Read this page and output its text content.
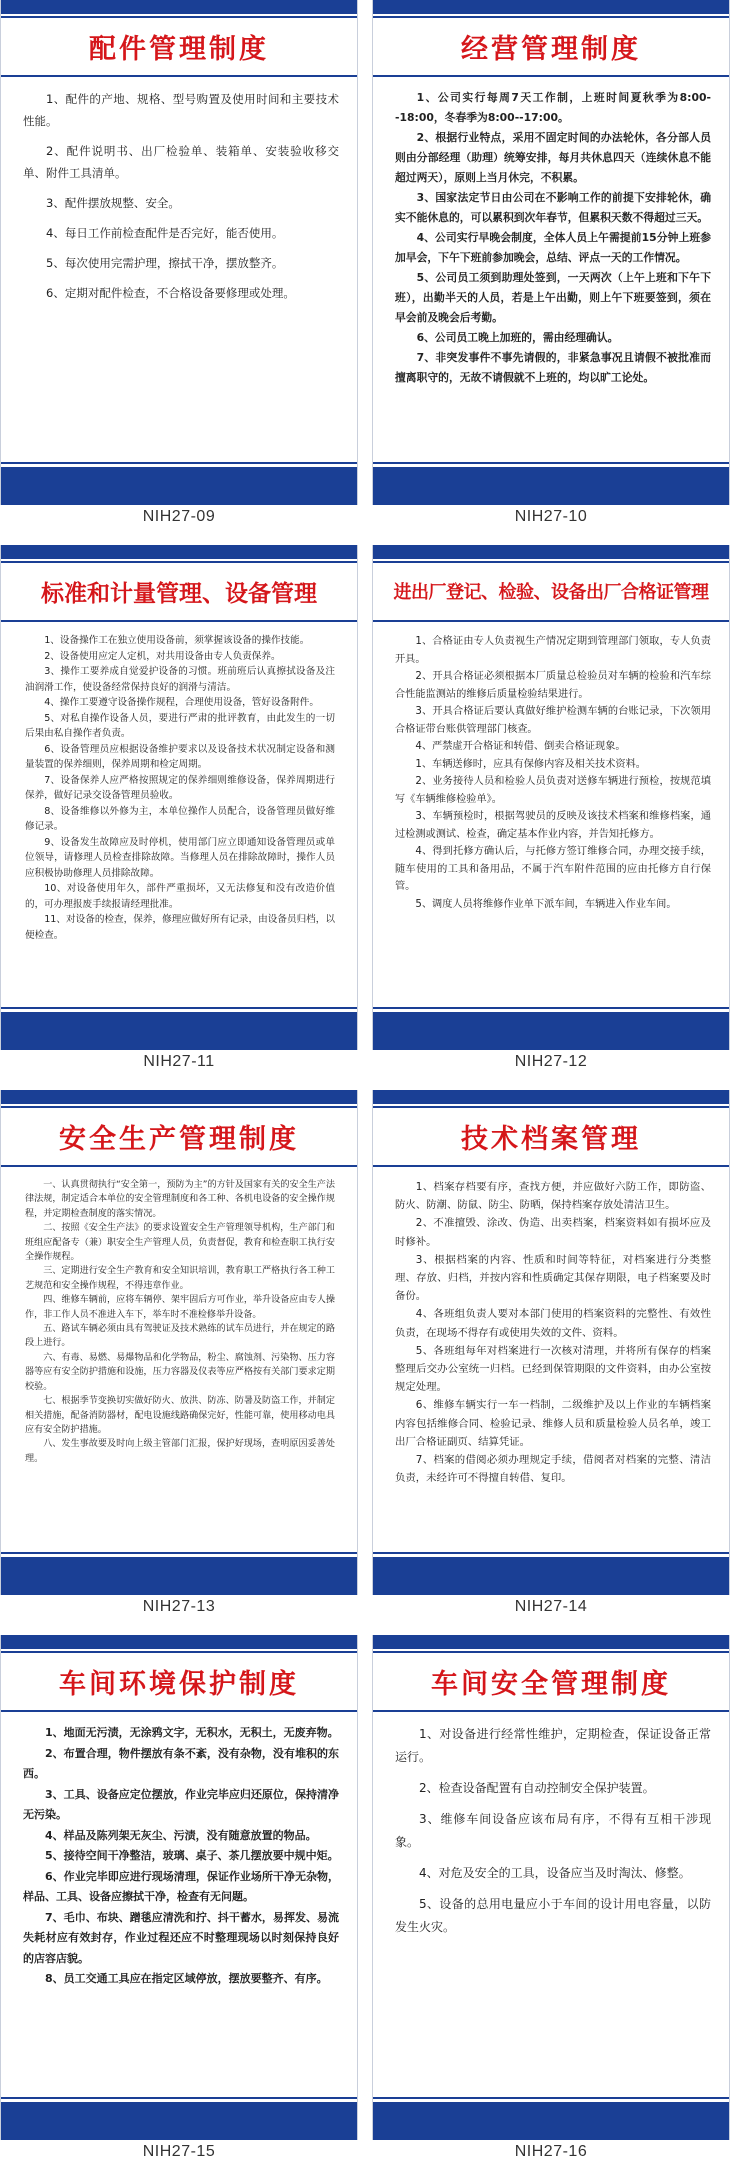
配件管理制度

1、配件的产地、规格、型号购置及使用时间和主要技术性能。

2、配件说明书、出厂检验单、装箱单、安装验收移交单、附件工具清单。

3、配件摆放规整、安全。

4、每日工作前检查配件是否完好，能否使用。

5、每次使用完需护理，擦拭干净，摆放整齐。

6、定期对配件检查，不合格设备要修理或处理。

NIH27-09
经营管理制度

1、公司实行每周7天工作制，上班时间夏秋季为8:00--18:00，冬春季为8:00--17:00。

2、根据行业特点，采用不固定时间的办法轮休，各分部人员则由分部经理（助理）统筹安排，每月共休息四天（连续休息不能超过两天），原则上当月休完，不积累。

3、国家法定节日由公司在不影响工作的前提下安排轮休，确实不能休息的，可以累积到次年春节，但累积天数不得超过三天。

4、公司实行早晚会制度，全体人员上午需提前15分钟上班参加早会，下午下班前参加晚会，总结、评点一天的工作情况。

5、公司员工须到助理处签到，一天两次（上午上班和下午下班），出勤半天的人员，若是上午出勤，则上午下班要签到，须在早会前及晚会后考勤。

6、公司员工晚上加班的，需由经理确认。

7、非突发事件不事先请假的，非紧急事况且请假不被批准而擅离职守的，无故不请假就不上班的，均以旷工论处。

NIH27-10
标准和计量管理、设备管理

1、设备操作工在独立使用设备前，须掌握该设备的操作技能。

2、设备使用应定人定机，对共用设备由专人负责保养。

3、操作工要养成自觉爱护设备的习惯。班前班后认真擦拭设备及注油润滑工作，使设备经常保持良好的润滑与清洁。

4、操作工要遵守设备操作规程，合理使用设备，管好设备附件。

5、对私自操作设备人员，要进行严肃的批评教育，由此发生的一切后果由私自操作者负责。

6、设备管理员应根据设备维护要求以及设备技术状况制定设备和测量装置的保养细则，保养周期和检定周期。

7、设备保养人应严格按照规定的保养细则维修设备，保养周期进行保养，做好记录交设备管理员验收。

8、设备维修以外修为主，本单位操作人员配合，设备管理员做好维修记录。

9、设备发生故障应及时停机，使用部门应立即通知设备管理员或单位领导，请修理人员检查排除故障。当修理人员在排除故障时，操作人员应积极协助修理人员排除故障。

10、对设备使用年久，部件严重损坏，又无法修复和没有改造价值的，可办理报废手续报请经理批准。

11、对设备的检查，保养，修理应做好所有记录，由设备员归档，以便检查。

NIH27-11
进出厂登记、检验、设备出厂合格证管理

1、合格证由专人负责视生产情况定期到管理部门领取，专人负责开具。

2、开具合格证必须根据本厂质量总检验员对车辆的检验和汽车综合性能监测站的维修后质量检验结果进行。

3、开具合格证后要认真做好维护检测车辆的台账记录，下次领用合格证带台账供管理部门核查。

4、严禁虚开合格证和转借、倒卖合格证现象。

1、车辆送修时，应具有保修内容及相关技术资料。

2、业务接待人员和检验人员负责对送修车辆进行预检，按规范填写《车辆维修检验单》。

3、车辆预检时，根据驾驶员的反映及该技术档案和维修档案，通过检测或测试、检查，确定基本作业内容，并告知托修方。

4、得到托修方确认后，与托修方签订维修合同，办理交接手续，随车使用的工具和备用品，不属于汽车附件范围的应由托修方自行保管。

5、调度人员将维修作业单下派车间，车辆进入作业车间。

NIH27-12
安全生产管理制度

一、认真贯彻执行“安全第一，预防为主”的方针及国家有关的安全生产法律法规，制定适合本单位的安全管理制度和各工种、各机电设备的安全操作规程，并定期检查制度的落实情况。

二、按照《安全生产法》的要求设置安全生产管理领导机构，生产部门和班组应配备专（兼）职安全生产管理人员，负责督促，教育和检查职工执行安全操作规程。

三、定期进行安全生产教育和安全知识培训，教育职工严格执行各工种工艺规范和安全操作规程，不得违章作业。

四、维修车辆前，应将车辆停、架牢固后方可作业，举升设备应由专人操作，非工作人员不准进入车下，举车时不准检修举升设备。

五、路试车辆必须由具有驾驶证及技术熟练的试车员进行，并在规定的路段上进行。

六、有毒、易燃、易爆物品和化学物品，粉尘、腐蚀剂、污染物、压力容器等应有安全防护措施和设施，压力容器及仪表等应严格按有关部门要求定期校验。

七、根据季节变换切实做好防火、放洪、防冻、防暑及防盗工作，并制定相关措施，配备消防器材，配电设施线路确保完好，性能可靠，使用移动电具应有安全防护措施。

八、发生事故要及时向上级主管部门汇报，保护好现场，查明原因妥善处理。

NIH27-13
技术档案管理

1、档案存档要有序，查找方便，并应做好六防工作，即防盗、防火、防潮、防鼠、防尘、防晒，保持档案存放处清洁卫生。

2、不准擅毁、涂改、伪造、出卖档案，档案资料如有损坏应及时修补。

3、根据档案的内容、性质和时间等特征，对档案进行分类整理、存放、归档，并按内容和性质确定其保存期限，电子档案要及时备份。

4、各班组负责人要对本部门使用的档案资料的完整性、有效性负责，在现场不得存有或使用失效的文件、资料。

5、各班组每年对档案进行一次核对清理，并将所有保存的档案整理后交办公室统一归档。已经到保管期限的文件资料，由办公室按规定处理。

6、维修车辆实行一车一档制，二级维护及以上作业的车辆档案内容包括维修合同、检验记录、维修人员和质量检验人员名单，竣工出厂合格证副页、结算凭证。

7、档案的借阅必须办理规定手续，借阅者对档案的完整、清洁负责，未经许可不得擅自转借、复印。

NIH27-14
车间环境保护制度

1、地面无污渍，无涂鸦文字，无积水，无积土，无废弃物。

2、布置合理，物件摆放有条不紊，没有杂物，没有堆积的东西。

3、工具、设备应定位摆放，作业完毕应归还原位，保持清净无污染。

4、样品及陈列架无灰尘、污渍，没有随意放置的物品。

5、接待空间干净整洁，玻璃、桌子、茶几摆放要中规中矩。

6、作业完毕即应进行现场清理，保证作业场所干净无杂物，样品、工具、设备应擦拭干净，检查有无问题。

7、毛巾、布块、蹭毯应清洗和拧、抖干蓄水，易挥发、易流失耗材应有效封存，作业过程还应不时整理现场以时刻保持良好的店容店貌。

8、员工交通工具应在指定区域停放，摆放要整齐、有序。

NIH27-15
车间安全管理制度

1、对设备进行经常性维护，定期检查，保证设备正常运行。

2、检查设备配置有自动控制安全保护装置。

3、维修车间设备应该布局有序，不得有互相干涉现象。

4、对危及安全的工具，设备应当及时淘汰、修整。

5、设备的总用电量应小于车间的设计用电容量，以防发生火灾。

NIH27-16
